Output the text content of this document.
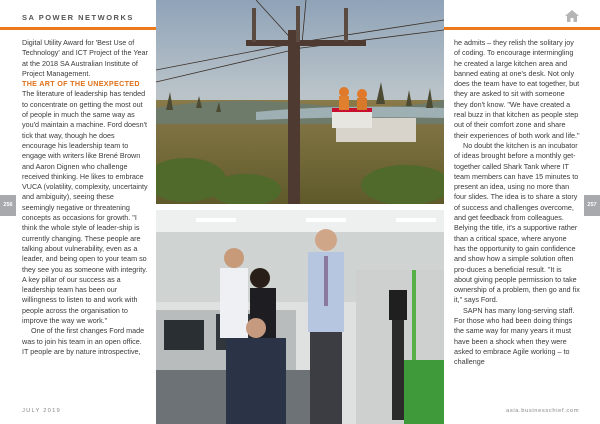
SA POWER NETWORKS

Digital Utility Award for 'Best Use of Technology' and ICT Project of the Year at the 2018 SA Australian Institute of Project Management.

THE ART OF THE UNEXPECTED

The literature of leadership has tended to concentrate on getting the most out of people in much the same way as you'd maintain a machine. Ford doesn't tick that way, though he does encourage his leadership team to engage with writers like Brené Brown and Aaron Dignen who challenge received thinking. He likes to embrace VUCA (volatility, complexity, uncertainty and ambiguity), seeing these seemingly negative or threatening concepts as occasions for growth. "I think the whole style of leader-ship is currently changing. These people are talking about vulnerability, even as a leader, and being open to your team so they see you as someone with integrity. A key pillar of our success as a leadership team has been our willingness to listen to and work with people across the organisation to improve the way we work."

One of the first changes Ford made was to join his team in an open office. IT people are by nature introspective,

he admits – they relish the solitary joy of coding. To encourage intermingling he created a large kitchen area and banned eating at one's desk. Not only does the team have to eat together, but they are asked to sit with someone they don't know. "We have created a real buzz in that kitchen as people step out of their comfort zone and share their experiences of both work and life."

No doubt the kitchen is an incubator of ideas brought before a monthly get-together called Shark Tank where IT team members can have 15 minutes to present an idea, using no more than four slides. The idea is to share a story of success and challenges overcome, and get feedback from colleagues. Belying the title, it's a supportive rather than a critical space, where anyone has the opportunity to gain confidence and show how a simple solution often pro-duces a beneficial result. "It is about giving people permission to take ownership of a problem, then go and fix it," says Ford.

SAPN has many long-serving staff. For those who had been doing things the same way for many years it must have been a shock when they were asked to embrace Agile working – to challenge

256	257
JULY 2019	asia.businesschief.com
